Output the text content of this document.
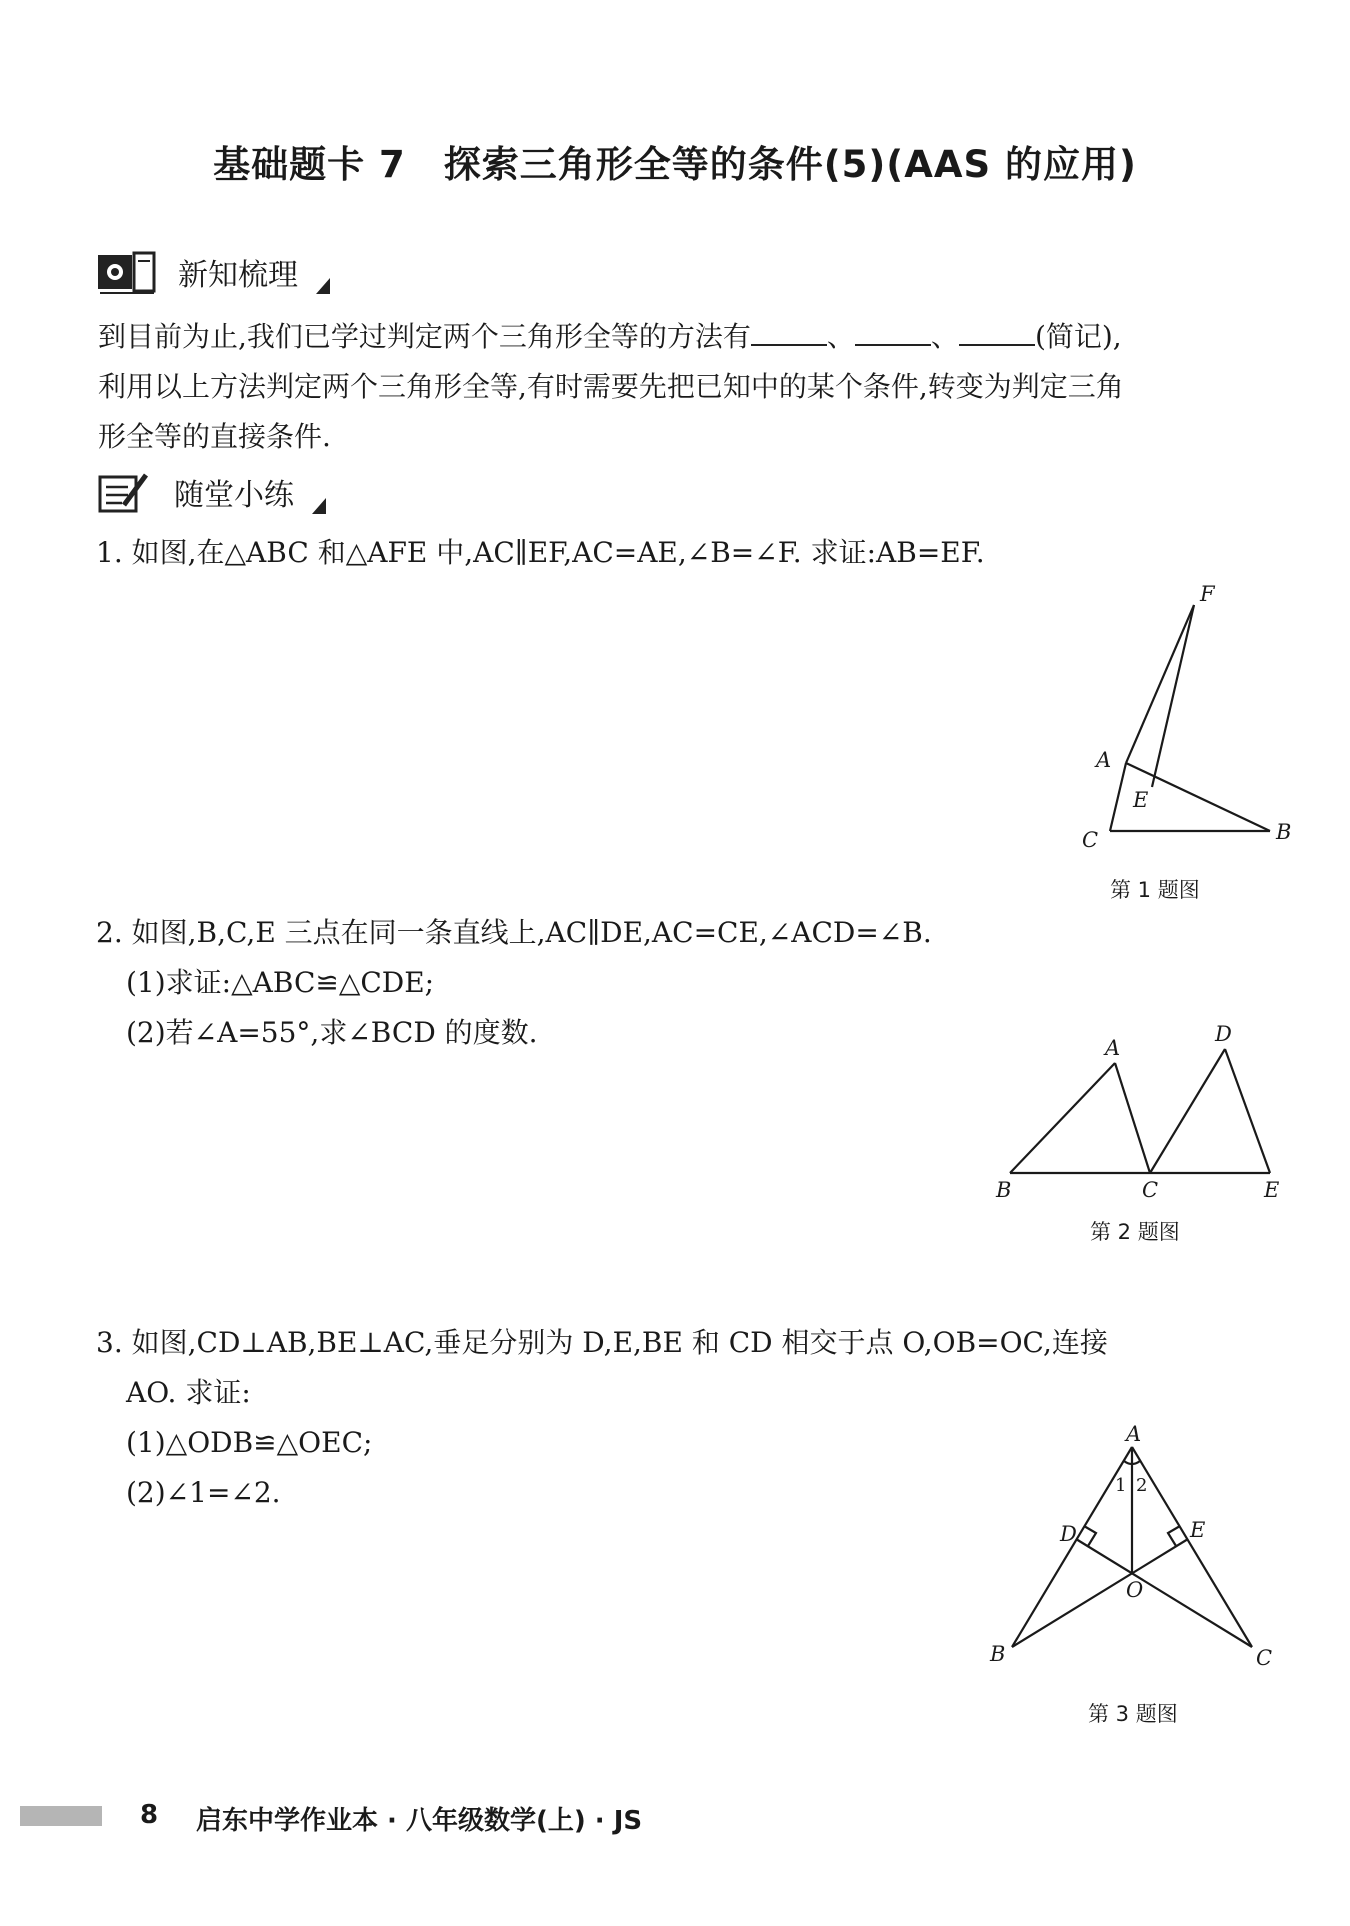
基础题卡 7　探索三角形全等的条件(5)(AAS 的应用)
新知梳理
到目前为止,我们已学过判定两个三角形全等的方法有	、	、	(简记),
利用以上方法判定两个三角形全等,有时需要先把已知中的某个条件,转变为判定三角
形全等的直接条件.
随堂小练
1. 如图,在△ABC 和△AFE 中,AC∥EF,AC=AE,∠B=∠F. 求证:AB=EF.
F
A
E
C	B
第 1 题图
2. 如图,B,C,E 三点在同一条直线上,AC∥DE,AC=CE,∠ACD=∠B.
(1)求证:△ABC≌△CDE;
(2)若∠A=55°,求∠BCD 的度数.	A
D
B	C	E
第 2 题图
3. 如图,CD⊥AB,BE⊥AC,垂足分别为 D,E,BE 和 CD 相交于点 O,OB=OC,连接
AO. 求证:
(1)△ODB≌△OEC;
(2)∠1=∠2.
A
D	E
O
B	C
1 2
第 3 题图
8 启东中学作业本 · 八年级数学(上) · JS
